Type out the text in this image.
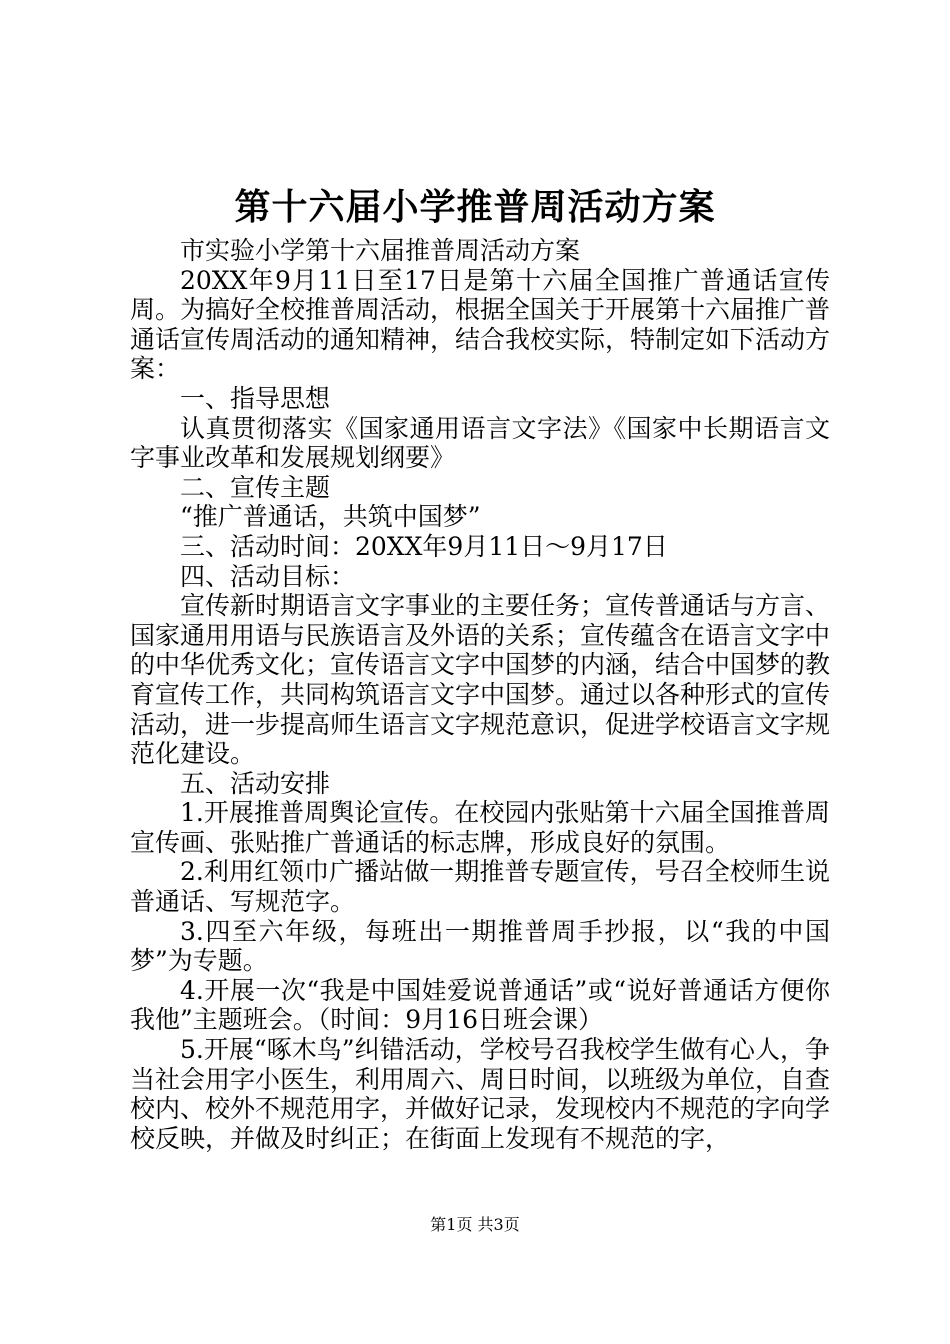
第十六届小学推普周活动方案

市实验小学第十六届推普周活动方案

20XX年9月11日至17日是第十六届全国推广普通话宣传周。为搞好全校推普周活动，根据全国关于开展第十六届推广普通话宣传周活动的通知精神，结合我校实际，特制定如下活动方案：

一、指导思想

认真贯彻落实《国家通用语言文字法》《国家中长期语言文字事业改革和发展规划纲要》

二、宣传主题

“推广普通话，共筑中国梦”

三、活动时间：20XX年9月11日～9月17日

四、活动目标：

宣传新时期语言文字事业的主要任务；宣传普通话与方言、国家通用用语与民族语言及外语的关系；宣传蕴含在语言文字中的中华优秀文化；宣传语言文字中国梦的内涵，结合中国梦的教育宣传工作，共同构筑语言文字中国梦。通过以各种形式的宣传活动，进一步提高师生语言文字规范意识，促进学校语言文字规范化建设。

五、活动安排

1.开展推普周舆论宣传。在校园内张贴第十六届全国推普周宣传画、张贴推广普通话的标志牌，形成良好的氛围。

2.利用红领巾广播站做一期推普专题宣传，号召全校师生说普通话、写规范字。

3.四至六年级，每班出一期推普周手抄报，以“我的中国梦”为专题。

4.开展一次“我是中国娃爱说普通话”或“说好普通话方便你我他”主题班会。（时间：9月16日班会课）

5.开展“啄木鸟”纠错活动，学校号召我校学生做有心人，争当社会用字小医生，利用周六、周日时间，以班级为单位，自查校内、校外不规范用字，并做好记录，发现校内不规范的字向学校反映，并做及时纠正；在街面上发现有不规范的字，

第1页 共3页
